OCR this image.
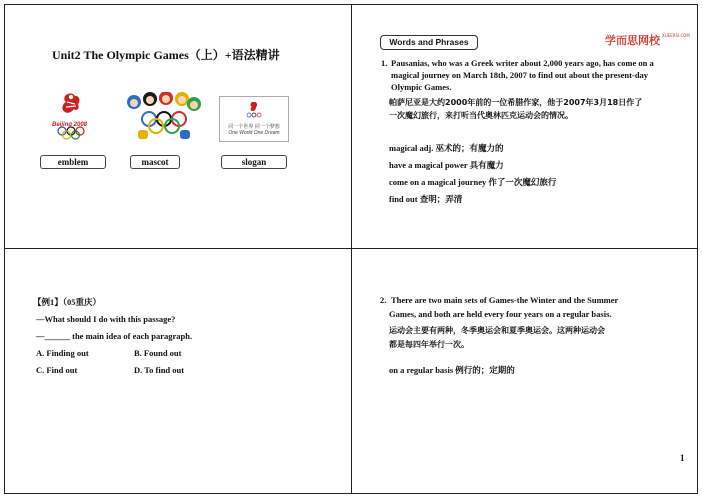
Unit2 The Olympic Games（上）+语法精讲
Beijing 2008	同一个世界 同一个梦想
One World One Dream
emblem	mascot	slogan
Words and Phrases	学而思网校 XUEERSI.COM
1. Pausanias, who was a Greek writer about 2,000 years ago, has come on a
magical journey on March 18th, 2007 to find out about the present-day
Olympic Games.
帕萨尼亚是大约2000年前的一位希腊作家，他于2007年3月18日作了
一次魔幻旅行，来打听当代奥林匹克运动会的情况。
magical adj. 巫术的；有魔力的
have a magical power 具有魔力
come on a magical journey 作了一次魔幻旅行
find out 查明；弄清
【例1】（05重庆）
—What should I do with this passage?
—______ the main idea of each paragraph.
A. Finding out	B. Found out
C. Find out	D. To find out
2. There are two main sets of Games-the Winter and the Summer
Games, and both are held every four years on a regular basis.
运动会主要有两种，冬季奥运会和夏季奥运会。这两种运动会
都是每四年举行一次。
on a regular basis 例行的；定期的
1
